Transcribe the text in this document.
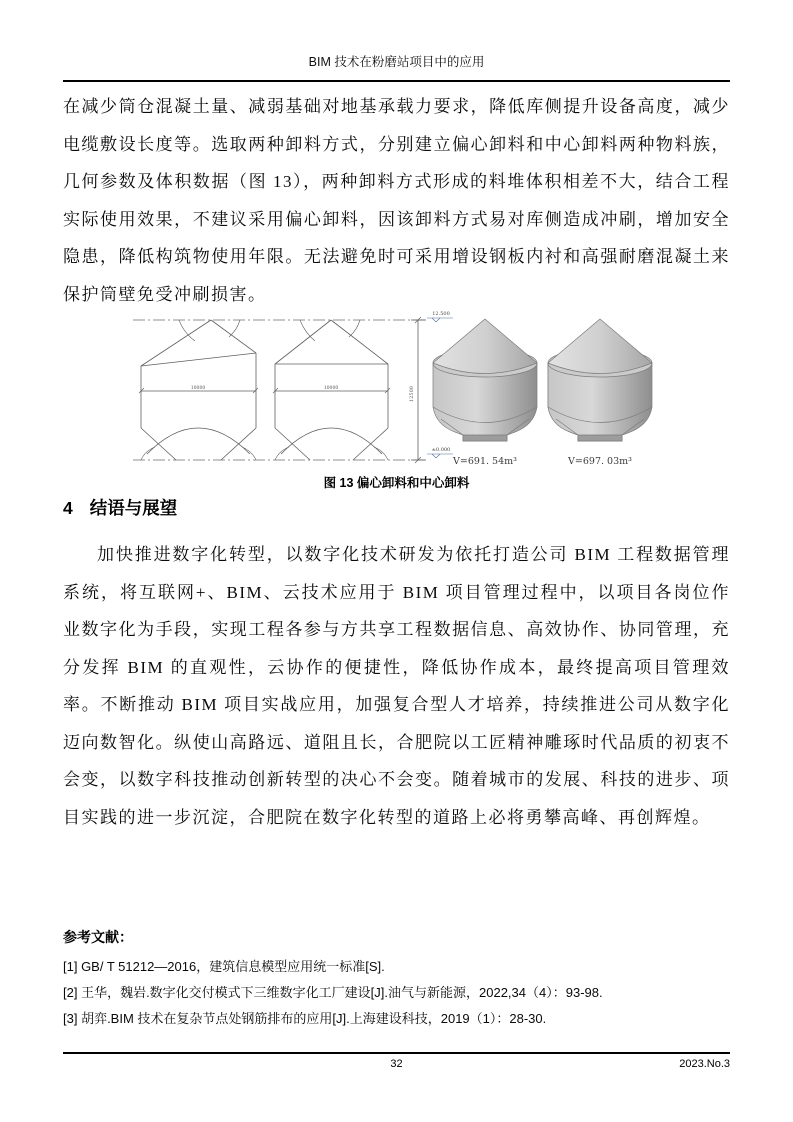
BIM 技术在粉磨站项目中的应用

在减少筒仓混凝土量、减弱基础对地基承载力要求，降低库侧提升设备高度，减少电缆敷设长度等。选取两种卸料方式，分别建立偏心卸料和中心卸料两种物料族，几何参数及体积数据（图 13），两种卸料方式形成的料堆体积相差不大，结合工程实际使用效果，不建议采用偏心卸料，因该卸料方式易对库侧造成冲刷，增加安全隐患，降低构筑物使用年限。无法避免时可采用增设钢板内衬和高强耐磨混凝土来保护筒壁免受冲刷损害。

10000	10000	12500
12.500
±0.000
V=691. 54m³	V=697. 03m³
图 13 偏心卸料和中心卸料
4 结语与展望

加快推进数字化转型，以数字化技术研发为依托打造公司 BIM 工程数据管理系统，将互联网+、BIM、云技术应用于 BIM 项目管理过程中，以项目各岗位作业数字化为手段，实现工程各参与方共享工程数据信息、高效协作、协同管理，充分发挥 BIM 的直观性，云协作的便捷性，降低协作成本，最终提高项目管理效率。不断推动 BIM 项目实战应用，加强复合型人才培养，持续推进公司从数字化迈向数智化。纵使山高路远、道阻且长，合肥院以工匠精神雕琢时代品质的初衷不会变，以数字科技推动创新转型的决心不会变。随着城市的发展、科技的进步、项目实践的进一步沉淀，合肥院在数字化转型的道路上必将勇攀高峰、再创辉煌。

参考文献：
[1] GB/ T 51212—2016，建筑信息模型应用统一标准[S].
[2] 王华，魏岩.数字化交付模式下三维数字化工厂建设[J].油气与新能源，2022,34（4）：93-98.
[3] 胡弈.BIM 技术在复杂节点处钢筋排布的应用[J].上海建设科技，2019（1）：28-30.
32	2023.No.3
